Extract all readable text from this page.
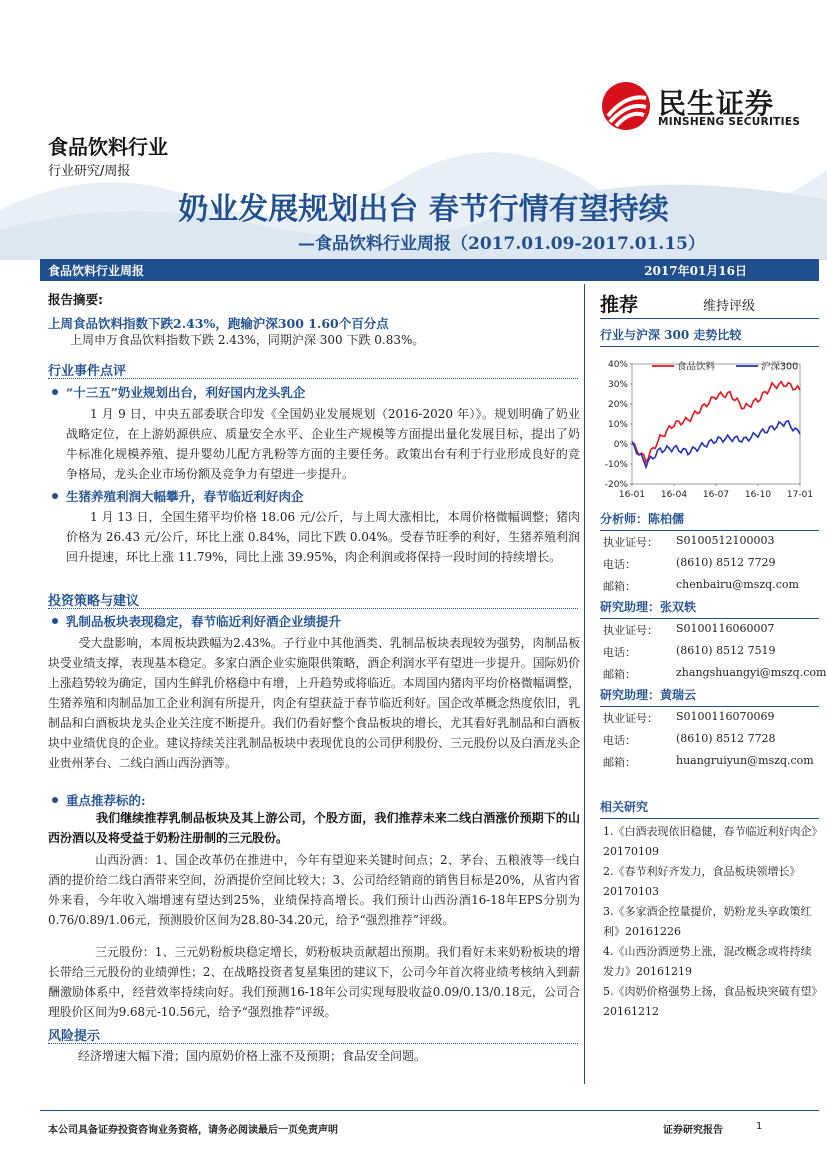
民生证券
MINSHENG SECURITIES
食品饮料行业
行业研究/周报
奶业发展规划出台 春节行情有望持续
—食品饮料行业周报（2017.01.09-2017.01.15）
食品饮料行业周报	2017年01月16日
报告摘要:
上周食品饮料指数下跌2.43%，跑输沪深300 1.60个百分点
上周申万食品饮料指数下跌 2.43%，同期沪深 300 下跌 0.83%。
行业事件点评
“十三五”奶业规划出台，利好国内龙头乳企
1 月 9 日，中央五部委联合印发《全国奶业发展规划（2016-2020 年）》。规划明确了奶业战略定位，在上游奶源供应、质量安全水平、企业生产规模等方面提出量化发展目标，提出了奶牛标准化规模养殖、提升婴幼儿配方乳粉等方面的主要任务。政策出台有利于行业形成良好的竞争格局，龙头企业市场份额及竞争力有望进一步提升。
生猪养殖利润大幅攀升，春节临近利好肉企
1 月 13 日，全国生猪平均价格 18.06 元/公斤，与上周大涨相比，本周价格微幅调整；猪肉价格为 26.43 元/公斤，环比上涨 0.84%，同比下跌 0.04%。受春节旺季的利好，生猪养殖利润回升提速，环比上涨 11.79%，同比上涨 39.95%，肉企利润或将保持一段时间的持续增长。
投资策略与建议
乳制品板块表现稳定，春节临近利好酒企业绩提升
受大盘影响，本周板块跌幅为2.43%。子行业中其他酒类、乳制品板块表现较为强势，肉制品板块受业绩支撑，表现基本稳定。多家白酒企业实施限供策略，酒企利润水平有望进一步提升。国际奶价上涨趋势较为确定，国内生鲜乳价格稳中有增，上升趋势或将临近。本周国内猪肉平均价格微幅调整，生猪养殖和肉制品加工企业利润有所提升，肉企有望获益于春节临近利好。国企改革概念热度依旧，乳制品和白酒板块龙头企业关注度不断提升。我们仍看好整个食品板块的增长，尤其看好乳制品和白酒板块中业绩优良的企业。建议持续关注乳制品板块中表现优良的公司伊利股份、三元股份以及白酒龙头企业贵州茅台、二线白酒山西汾酒等。
重点推荐标的:
我们继续推荐乳制品板块及其上游公司，个股方面，我们推荐未来二线白酒涨价预期下的山西汾酒以及将受益于奶粉注册制的三元股份。
山西汾酒：1、国企改革仍在推进中，今年有望迎来关键时间点；2、茅台、五粮液等一线白酒的提价给二线白酒带来空间，汾酒提价空间比较大；3、公司给经销商的销售目标是20%，从省内省外来看，今年收入端增速有望达到25%，业绩保持高增长。我们预计山西汾酒16-18年EPS分别为0.76/0.89/1.06元，预测股价区间为28.80-34.20元，给予“强烈推荐”评级。
三元股份：1、三元奶粉板块稳定增长，奶粉板块贡献超出预期。我们看好未来奶粉板块的增长带给三元股份的业绩弹性；2、在战略投资者复星集团的建议下，公司今年首次将业绩考核纳入到薪酬激励体系中，经营效率持续向好。我们预测16-18年公司实现每股收益0.09/0.13/0.18元，公司合理股价区间为9.68元-10.56元，给予“强烈推荐”评级。
风险提示
经济增速大幅下滑；国内原奶价格上涨不及预期；食品安全问题。
推荐	维持评级
行业与沪深 300 走势比较
40%
30%
20%
10%
0%
-10%
-20%
16-01 16-04 16-07 16-10 17-01
食品饮料	沪深300
分析师：陈柏儒
执业证号： S0100512100003
电话：	(8610) 8512 7729
邮箱：	chenbairu@mszq.com
研究助理：张双轶
执业证号： S0100116060007
电话：	(8610) 8512 7519
邮箱：	zhangshuangyi@mszq.com
研究助理：黄瑞云
执业证号： S0100116070069
电话：	(8610) 8512 7728
邮箱：	huangruiyun@mszq.com
相关研究
1.《白酒表现依旧稳健，春节临近利好肉企》20170109
2.《春节利好齐发力，食品板块领增长》20170103
3.《多家酒企控量提价，奶粉龙头享政策红利》20161226
4.《山西汾酒逆势上涨，混改概念或将持续发力》20161219
5.《肉奶价格强势上扬，食品板块突破有望》20161212
本公司具备证券投资咨询业务资格，请务必阅读最后一页免责声明	证券研究报告	1
